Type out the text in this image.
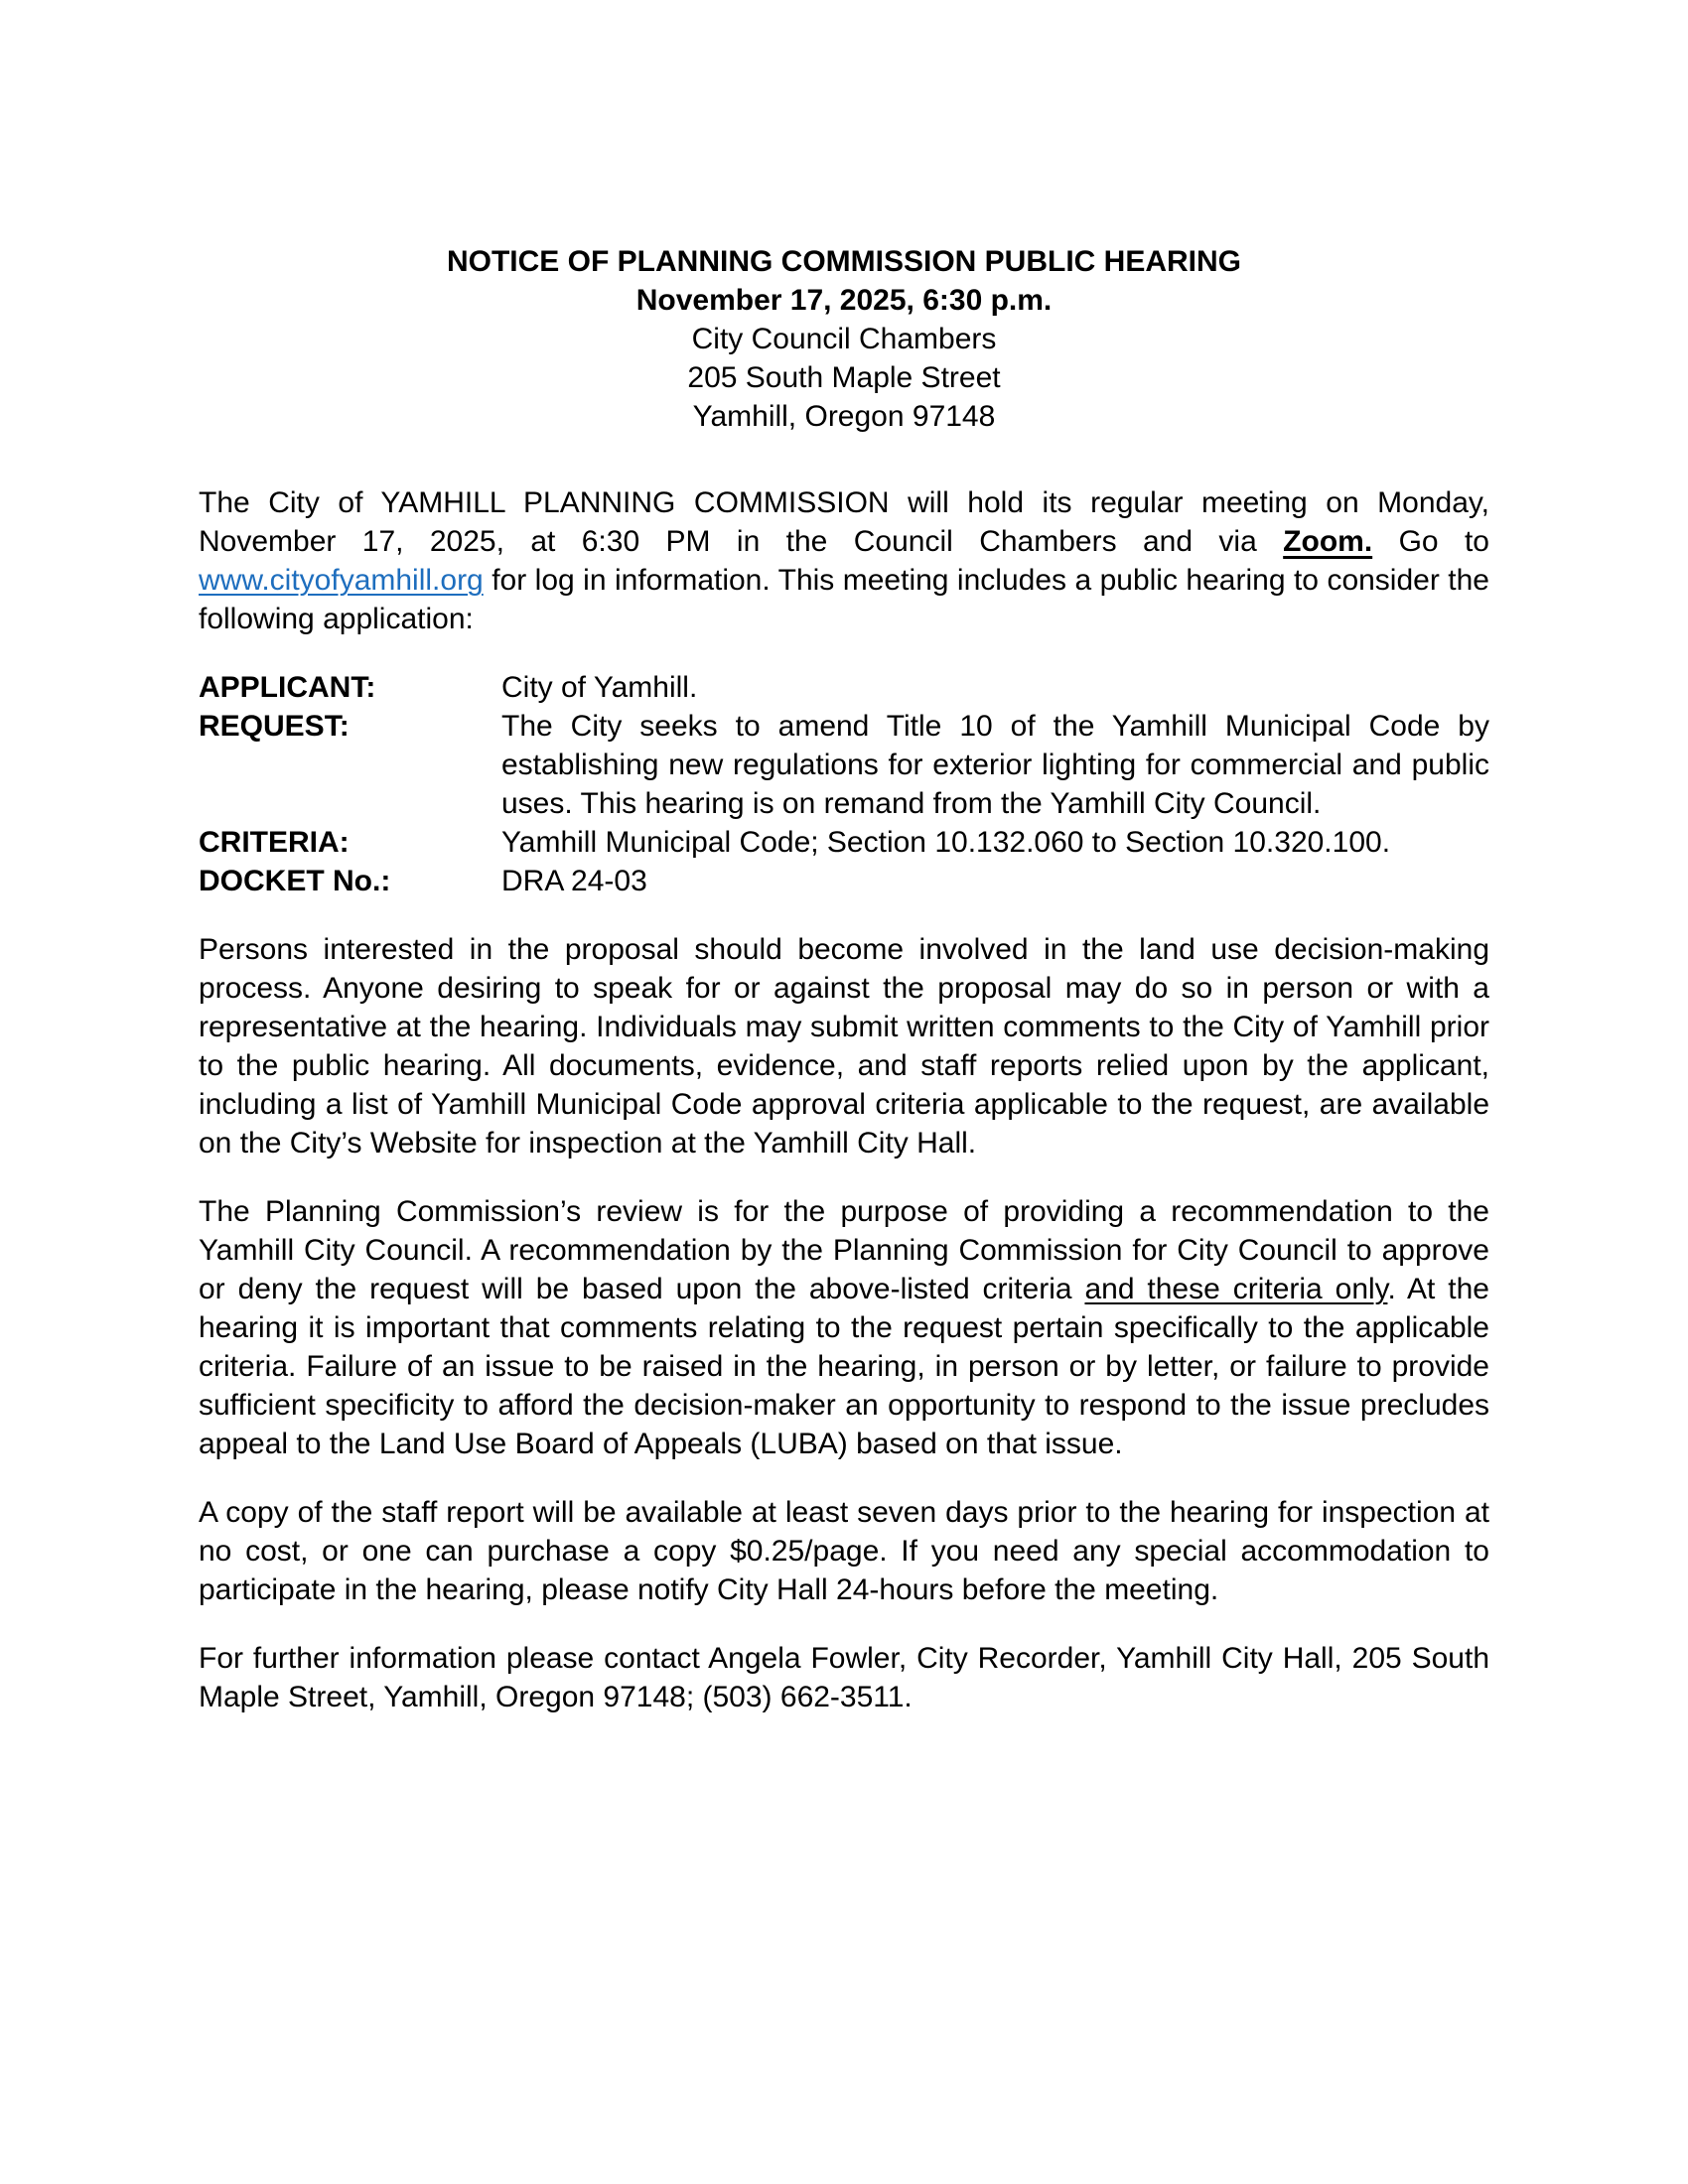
NOTICE OF PLANNING COMMISSION PUBLIC HEARING
November 17, 2025, 6:30 p.m.
City Council Chambers
205 South Maple Street
Yamhill, Oregon 97148

The City of YAMHILL PLANNING COMMISSION will hold its regular meeting on Monday, November 17, 2025, at 6:30 PM in the Council Chambers and via Zoom. Go to www.cityofyamhill.org for log in information. This meeting includes a public hearing to consider the following application:

APPLICANT:	City of Yamhill.
REQUEST:	The City seeks to amend Title 10 of the Yamhill Municipal Code by establishing new regulations for exterior lighting for commercial and public uses. This hearing is on remand from the Yamhill City Council.
CRITERIA:	Yamhill Municipal Code; Section 10.132.060 to Section 10.320.100.
DOCKET No.:	DRA 24-03

Persons interested in the proposal should become involved in the land use decision-making process. Anyone desiring to speak for or against the proposal may do so in person or with a representative at the hearing. Individuals may submit written comments to the City of Yamhill prior to the public hearing. All documents, evidence, and staff reports relied upon by the applicant, including a list of Yamhill Municipal Code approval criteria applicable to the request, are available on the City’s Website for inspection at the Yamhill City Hall.

The Planning Commission’s review is for the purpose of providing a recommendation to the Yamhill City Council. A recommendation by the Planning Commission for City Council to approve or deny the request will be based upon the above-listed criteria and these criteria only. At the hearing it is important that comments relating to the request pertain specifically to the applicable criteria. Failure of an issue to be raised in the hearing, in person or by letter, or failure to provide sufficient specificity to afford the decision-maker an opportunity to respond to the issue precludes appeal to the Land Use Board of Appeals (LUBA) based on that issue.

A copy of the staff report will be available at least seven days prior to the hearing for inspection at no cost, or one can purchase a copy $0.25/page. If you need any special accommodation to participate in the hearing, please notify City Hall 24-hours before the meeting.

For further information please contact Angela Fowler, City Recorder, Yamhill City Hall, 205 South Maple Street, Yamhill, Oregon 97148; (503) 662-3511.
